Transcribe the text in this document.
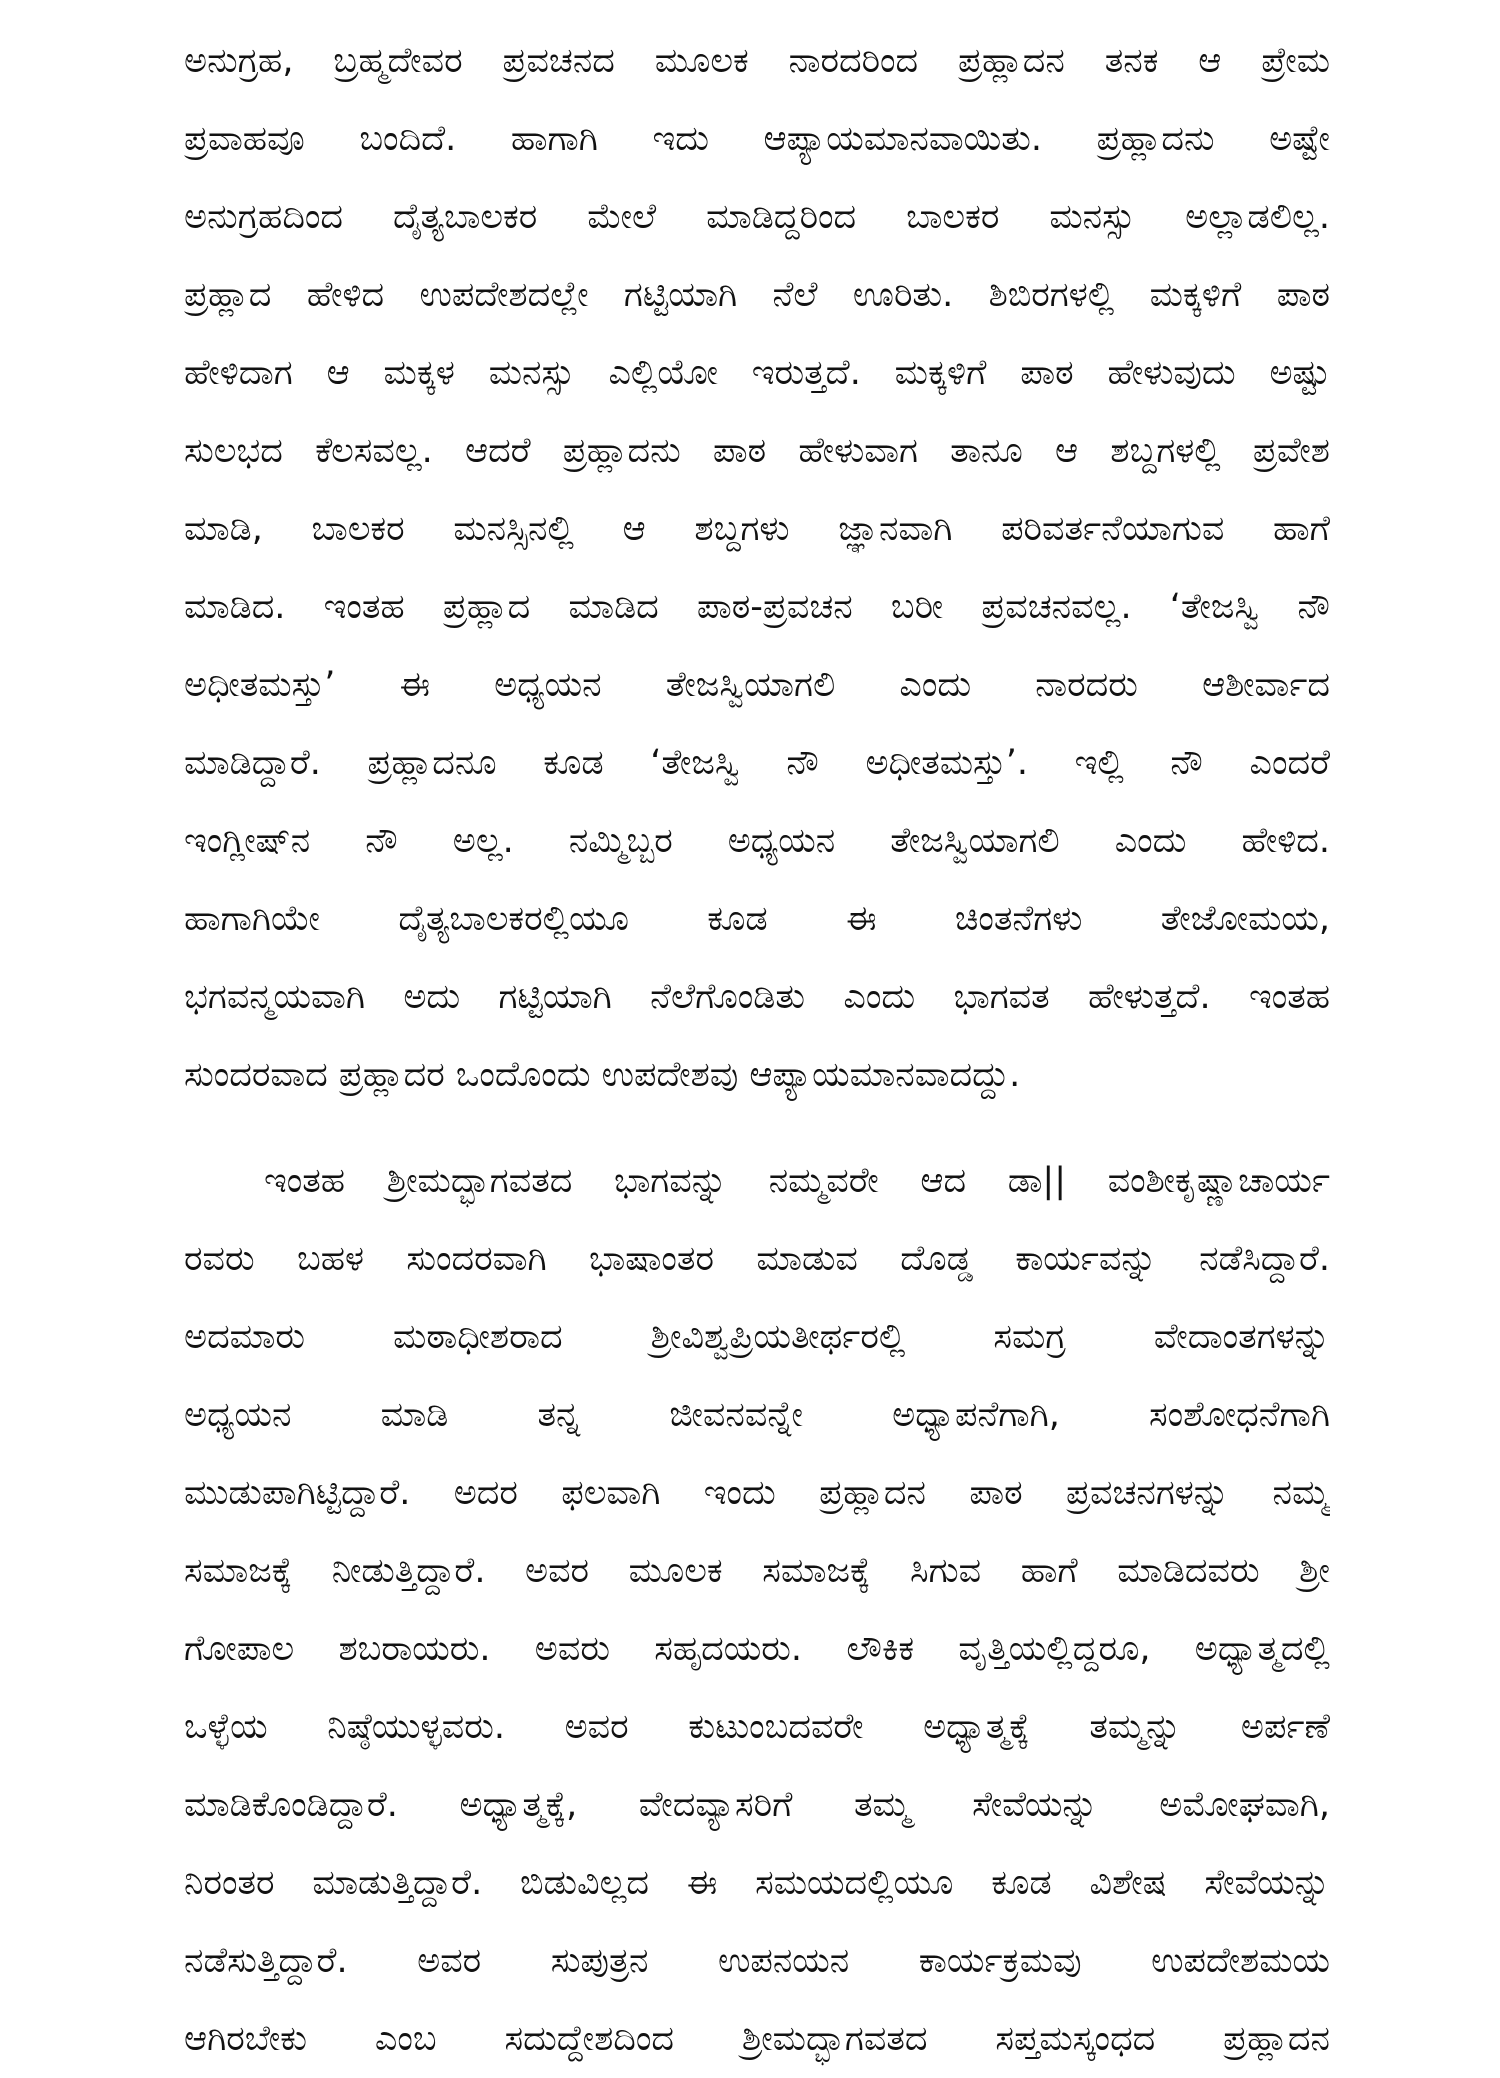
ಅನುಗ್ರಹ, ಬ್ರಹ್ಮದೇವರ ಪ್ರವಚನದ ಮೂಲಕ ನಾರದರಿಂದ ಪ್ರಹ್ಲಾದನ ತನಕ ಆ ಪ್ರೇಮ
ಪ್ರವಾಹವೂ ಬಂದಿದೆ. ಹಾಗಾಗಿ ಇದು ಆಪ್ಯಾಯಮಾನವಾಯಿತು. ಪ್ರಹ್ಲಾದನು ಅಷ್ಟೇ
ಅನುಗ್ರಹದಿಂದ ದೈತ್ಯಬಾಲಕರ ಮೇಲೆ ಮಾಡಿದ್ದರಿಂದ ಬಾಲಕರ ಮನಸ್ಸು ಅಲ್ಲಾಡಲಿಲ್ಲ.
ಪ್ರಹ್ಲಾದ ಹೇಳಿದ ಉಪದೇಶದಲ್ಲೇ ಗಟ್ಟಿಯಾಗಿ ನೆಲೆ ಊರಿತು. ಶಿಬಿರಗಳಲ್ಲಿ ಮಕ್ಕಳಿಗೆ ಪಾಠ
ಹೇಳಿದಾಗ ಆ ಮಕ್ಕಳ ಮನಸ್ಸು ಎಲ್ಲಿಯೋ ಇರುತ್ತದೆ. ಮಕ್ಕಳಿಗೆ ಪಾಠ ಹೇಳುವುದು ಅಷ್ಟು
ಸುಲಭದ ಕೆಲಸವಲ್ಲ. ಆದರೆ ಪ್ರಹ್ಲಾದನು ಪಾಠ ಹೇಳುವಾಗ ತಾನೂ ಆ ಶಬ್ದಗಳಲ್ಲಿ ಪ್ರವೇಶ
ಮಾಡಿ, ಬಾಲಕರ ಮನಸ್ಸಿನಲ್ಲಿ ಆ ಶಬ್ದಗಳು ಜ್ಞಾನವಾಗಿ ಪರಿವರ್ತನೆಯಾಗುವ ಹಾಗೆ
ಮಾಡಿದ. ಇಂತಹ ಪ್ರಹ್ಲಾದ ಮಾಡಿದ ಪಾಠ-ಪ್ರವಚನ ಬರೀ ಪ್ರವಚನವಲ್ಲ. ‘ತೇಜಸ್ವಿ ನೌ
ಅಧೀತಮಸ್ತು’ ಈ ಅಧ್ಯಯನ ತೇಜಸ್ವಿಯಾಗಲಿ ಎಂದು ನಾರದರು ಆಶೀರ್ವಾದ
ಮಾಡಿದ್ದಾರೆ. ಪ್ರಹ್ಲಾದನೂ ಕೂಡ ‘ತೇಜಸ್ವಿ ನೌ ಅಧೀತಮಸ್ತು’. ಇಲ್ಲಿ ನೌ ಎಂದರೆ
ಇಂಗ್ಲೀಷ್‌ನ ನೌ ಅಲ್ಲ. ನಮ್ಮಿಬ್ಬರ ಅಧ್ಯಯನ ತೇಜಸ್ವಿಯಾಗಲಿ ಎಂದು ಹೇಳಿದ.
ಹಾಗಾಗಿಯೇ ದೈತ್ಯಬಾಲಕರಲ್ಲಿಯೂ ಕೂಡ ಈ ಚಿಂತನೆಗಳು ತೇಜೋಮಯ,
ಭಗವನ್ಮಯವಾಗಿ ಅದು ಗಟ್ಟಿಯಾಗಿ ನೆಲೆಗೊಂಡಿತು ಎಂದು ಭಾಗವತ ಹೇಳುತ್ತದೆ. ಇಂತಹ
ಸುಂದರವಾದ ಪ್ರಹ್ಲಾದರ ಒಂದೊಂದು ಉಪದೇಶವು ಆಪ್ಯಾಯಮಾನವಾದದ್ದು.
ಇಂತಹ ಶ್ರೀಮದ್ಭಾಗವತದ ಭಾಗವನ್ನು ನಮ್ಮವರೇ ಆದ ಡಾ|| ವಂಶೀಕೃಷ್ಣಾಚಾರ್ಯ
ರವರು ಬಹಳ ಸುಂದರವಾಗಿ ಭಾಷಾಂತರ ಮಾಡುವ ದೊಡ್ಡ ಕಾರ್ಯವನ್ನು ನಡೆಸಿದ್ದಾರೆ.
ಅದಮಾರು ಮಠಾಧೀಶರಾದ ಶ್ರೀವಿಶ್ವಪ್ರಿಯತೀರ್ಥರಲ್ಲಿ ಸಮಗ್ರ ವೇದಾಂತಗಳನ್ನು
ಅಧ್ಯಯನ ಮಾಡಿ ತನ್ನ ಜೀವನವನ್ನೇ ಅಧ್ಯಾಪನೆಗಾಗಿ, ಸಂಶೋಧನೆಗಾಗಿ
ಮುಡುಪಾಗಿಟ್ಟಿದ್ದಾರೆ. ಅದರ ಫಲವಾಗಿ ಇಂದು ಪ್ರಹ್ಲಾದನ ಪಾಠ ಪ್ರವಚನಗಳನ್ನು ನಮ್ಮ
ಸಮಾಜಕ್ಕೆ ನೀಡುತ್ತಿದ್ದಾರೆ. ಅವರ ಮೂಲಕ ಸಮಾಜಕ್ಕೆ ಸಿಗುವ ಹಾಗೆ ಮಾಡಿದವರು ಶ್ರೀ
ಗೋಪಾಲ ಶಬರಾಯರು. ಅವರು ಸಹೃದಯರು. ಲೌಕಿಕ ವೃತ್ತಿಯಲ್ಲಿದ್ದರೂ, ಅಧ್ಯಾತ್ಮದಲ್ಲಿ
ಒಳ್ಳೆಯ ನಿಷ್ಠೆಯುಳ್ಳವರು. ಅವರ ಕುಟುಂಬದವರೇ ಅಧ್ಯಾತ್ಮಕ್ಕೆ ತಮ್ಮನ್ನು ಅರ್ಪಣೆ
ಮಾಡಿಕೊಂಡಿದ್ದಾರೆ. ಅಧ್ಯಾತ್ಮಕ್ಕೆ, ವೇದವ್ಯಾಸರಿಗೆ ತಮ್ಮ ಸೇವೆಯನ್ನು ಅಮೋಘವಾಗಿ,
ನಿರಂತರ ಮಾಡುತ್ತಿದ್ದಾರೆ. ಬಿಡುವಿಲ್ಲದ ಈ ಸಮಯದಲ್ಲಿಯೂ ಕೂಡ ವಿಶೇಷ ಸೇವೆಯನ್ನು
ನಡೆಸುತ್ತಿದ್ದಾರೆ. ಅವರ ಸುಪುತ್ರನ ಉಪನಯನ ಕಾರ್ಯಕ್ರಮವು ಉಪದೇಶಮಯ
ಆಗಿರಬೇಕು ಎಂಬ ಸದುದ್ದೇಶದಿಂದ ಶ್ರೀಮದ್ಭಾಗವತದ ಸಪ್ತಮಸ್ಕಂಧದ ಪ್ರಹ್ಲಾದನ
